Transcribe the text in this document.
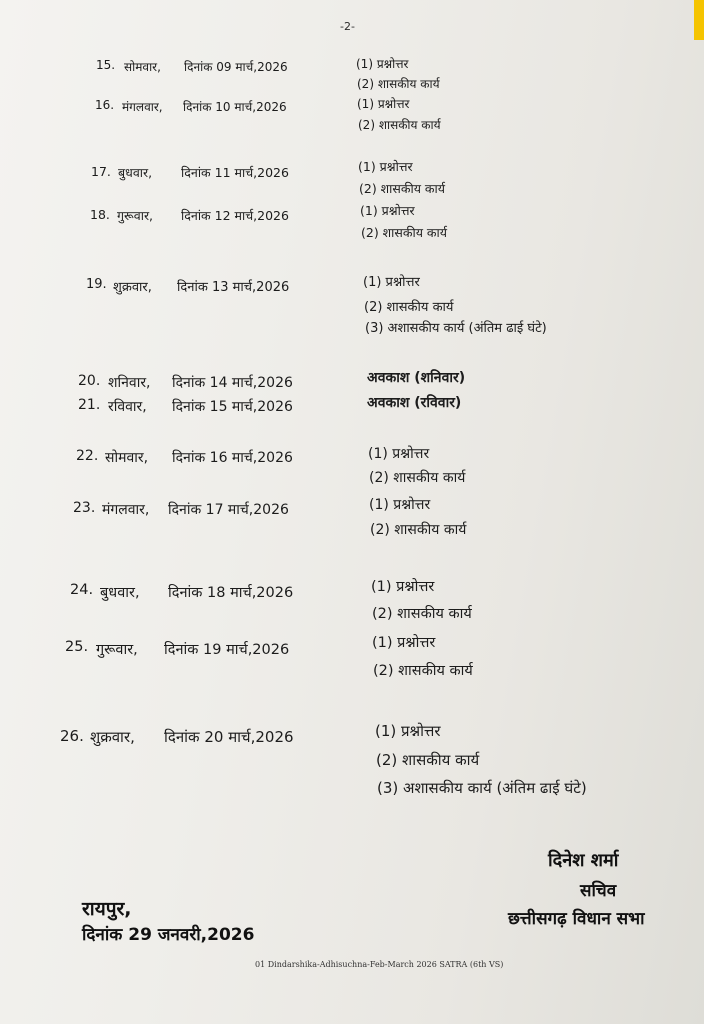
-2-
15. सोमवार, दिनांक 09 मार्च,2026	(1) प्रश्नोत्तर
(2) शासकीय कार्य
16. मंगलवार, दिनांक 10 मार्च,2026	(1) प्रश्नोत्तर
(2) शासकीय कार्य
17. बुधवार, दिनांक 11 मार्च,2026	(1) प्रश्नोत्तर
(2) शासकीय कार्य
18. गुरूवार, दिनांक 12 मार्च,2026	(1) प्रश्नोत्तर
(2) शासकीय कार्य
19. शुक्रवार, दिनांक 13 मार्च,2026	(1) प्रश्नोत्तर
(2) शासकीय कार्य
(3) अशासकीय कार्य (अंतिम ढाई घंटे)
20. शनिवार, दिनांक 14 मार्च,2026	अवकाश (शनिवार)
21. रविवार, दिनांक 15 मार्च,2026	अवकाश (रविवार)
22. सोमवार, दिनांक 16 मार्च,2026	(1) प्रश्नोत्तर
(2) शासकीय कार्य
23. मंगलवार, दिनांक 17 मार्च,2026	(1) प्रश्नोत्तर
(2) शासकीय कार्य
24. बुधवार, दिनांक 18 मार्च,2026	(1) प्रश्नोत्तर
(2) शासकीय कार्य
25. गुरूवार, दिनांक 19 मार्च,2026	(1) प्रश्नोत्तर
(2) शासकीय कार्य
26. शुक्रवार, दिनांक 20 मार्च,2026	(1) प्रश्नोत्तर
(2) शासकीय कार्य
(3) अशासकीय कार्य (अंतिम ढाई घंटे)
रायपुर,
दिनांक 29 जनवरी,2026
दिनेश शर्मा
सचिव
छत्तीसगढ़ विधान सभा
01 Dindarshika-Adhisuchna-Feb-March 2026 SATRA (6th VS)
